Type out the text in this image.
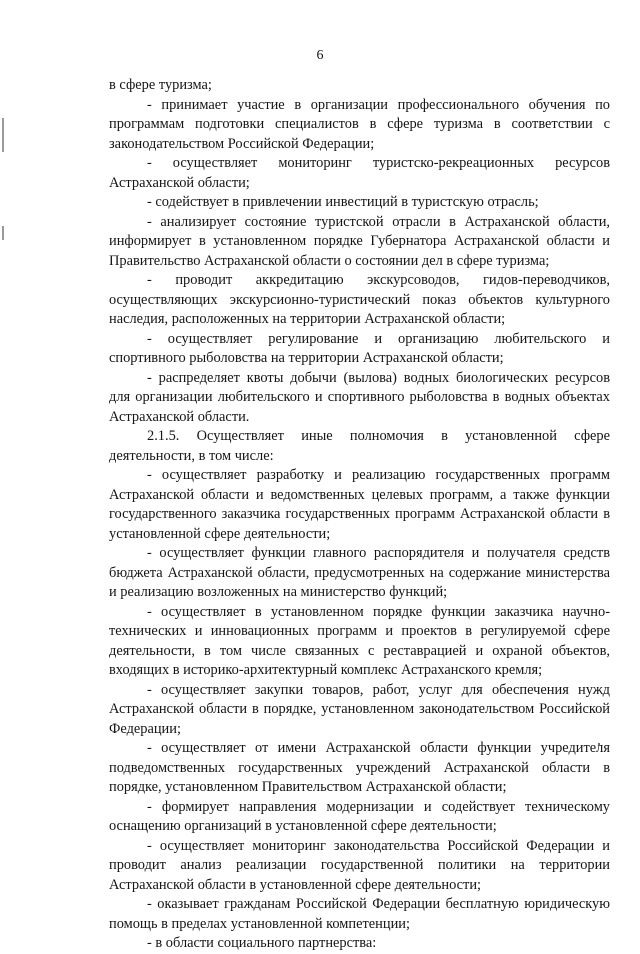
6

в сфере туризма;

- принимает участие в организации профессионального обучения по программам подготовки специалистов в сфере туризма в соответствии с законодательством Российской Федерации;

- осуществляет мониторинг туристско-рекреационных ресурсов Астраханской области;

- содействует в привлечении инвестиций в туристскую отрасль;

- анализирует состояние туристской отрасли в Астраханской области, информирует в установленном порядке Губернатора Астраханской области и Правительство Астраханской области о состоянии дел в сфере туризма;

- проводит аккредитацию экскурсоводов, гидов-переводчиков, осуществляющих экскурсионно-туристический показ объектов культурного наследия, расположенных на территории Астраханской области;

- осуществляет регулирование и организацию любительского и спортивного рыболовства на территории Астраханской области;

- распределяет квоты добычи (вылова) водных биологических ресурсов для организации любительского и спортивного рыболовства в водных объектах Астраханской области.

2.1.5. Осуществляет иные полномочия в установленной сфере деятельности, в том числе:

- осуществляет разработку и реализацию государственных программ Астраханской области и ведомственных целевых программ, а также функции государственного заказчика государственных программ Астраханской области в установленной сфере деятельности;

- осуществляет функции главного распорядителя и получателя средств бюджета Астраханской области, предусмотренных на содержание министерства и реализацию возложенных на министерство функций;

- осуществляет в установленном порядке функции заказчика научно-технических и инновационных программ и проектов в регулируемой сфере деятельности, в том числе связанных с реставрацией и охраной объектов, входящих в историко-архитектурный комплекс Астраханского кремля;

- осуществляет закупки товаров, работ, услуг для обеспечения нужд Астраханской области в порядке, установленном законодательством Российской Федерации;

- осуществляет от имени Астраханской области функции учредителя подведомственных государственных учреждений Астраханской области в порядке, установленном Правительством Астраханской области;

- формирует направления модернизации и содействует техническому оснащению организаций в установленной сфере деятельности;

- осуществляет мониторинг законодательства Российской Федерации и проводит анализ реализации государственной политики на территории Астраханской области в установленной сфере деятельности;

- оказывает гражданам Российской Федерации бесплатную юридическую помощь в пределах установленной компетенции;

- в области социального партнерства:
